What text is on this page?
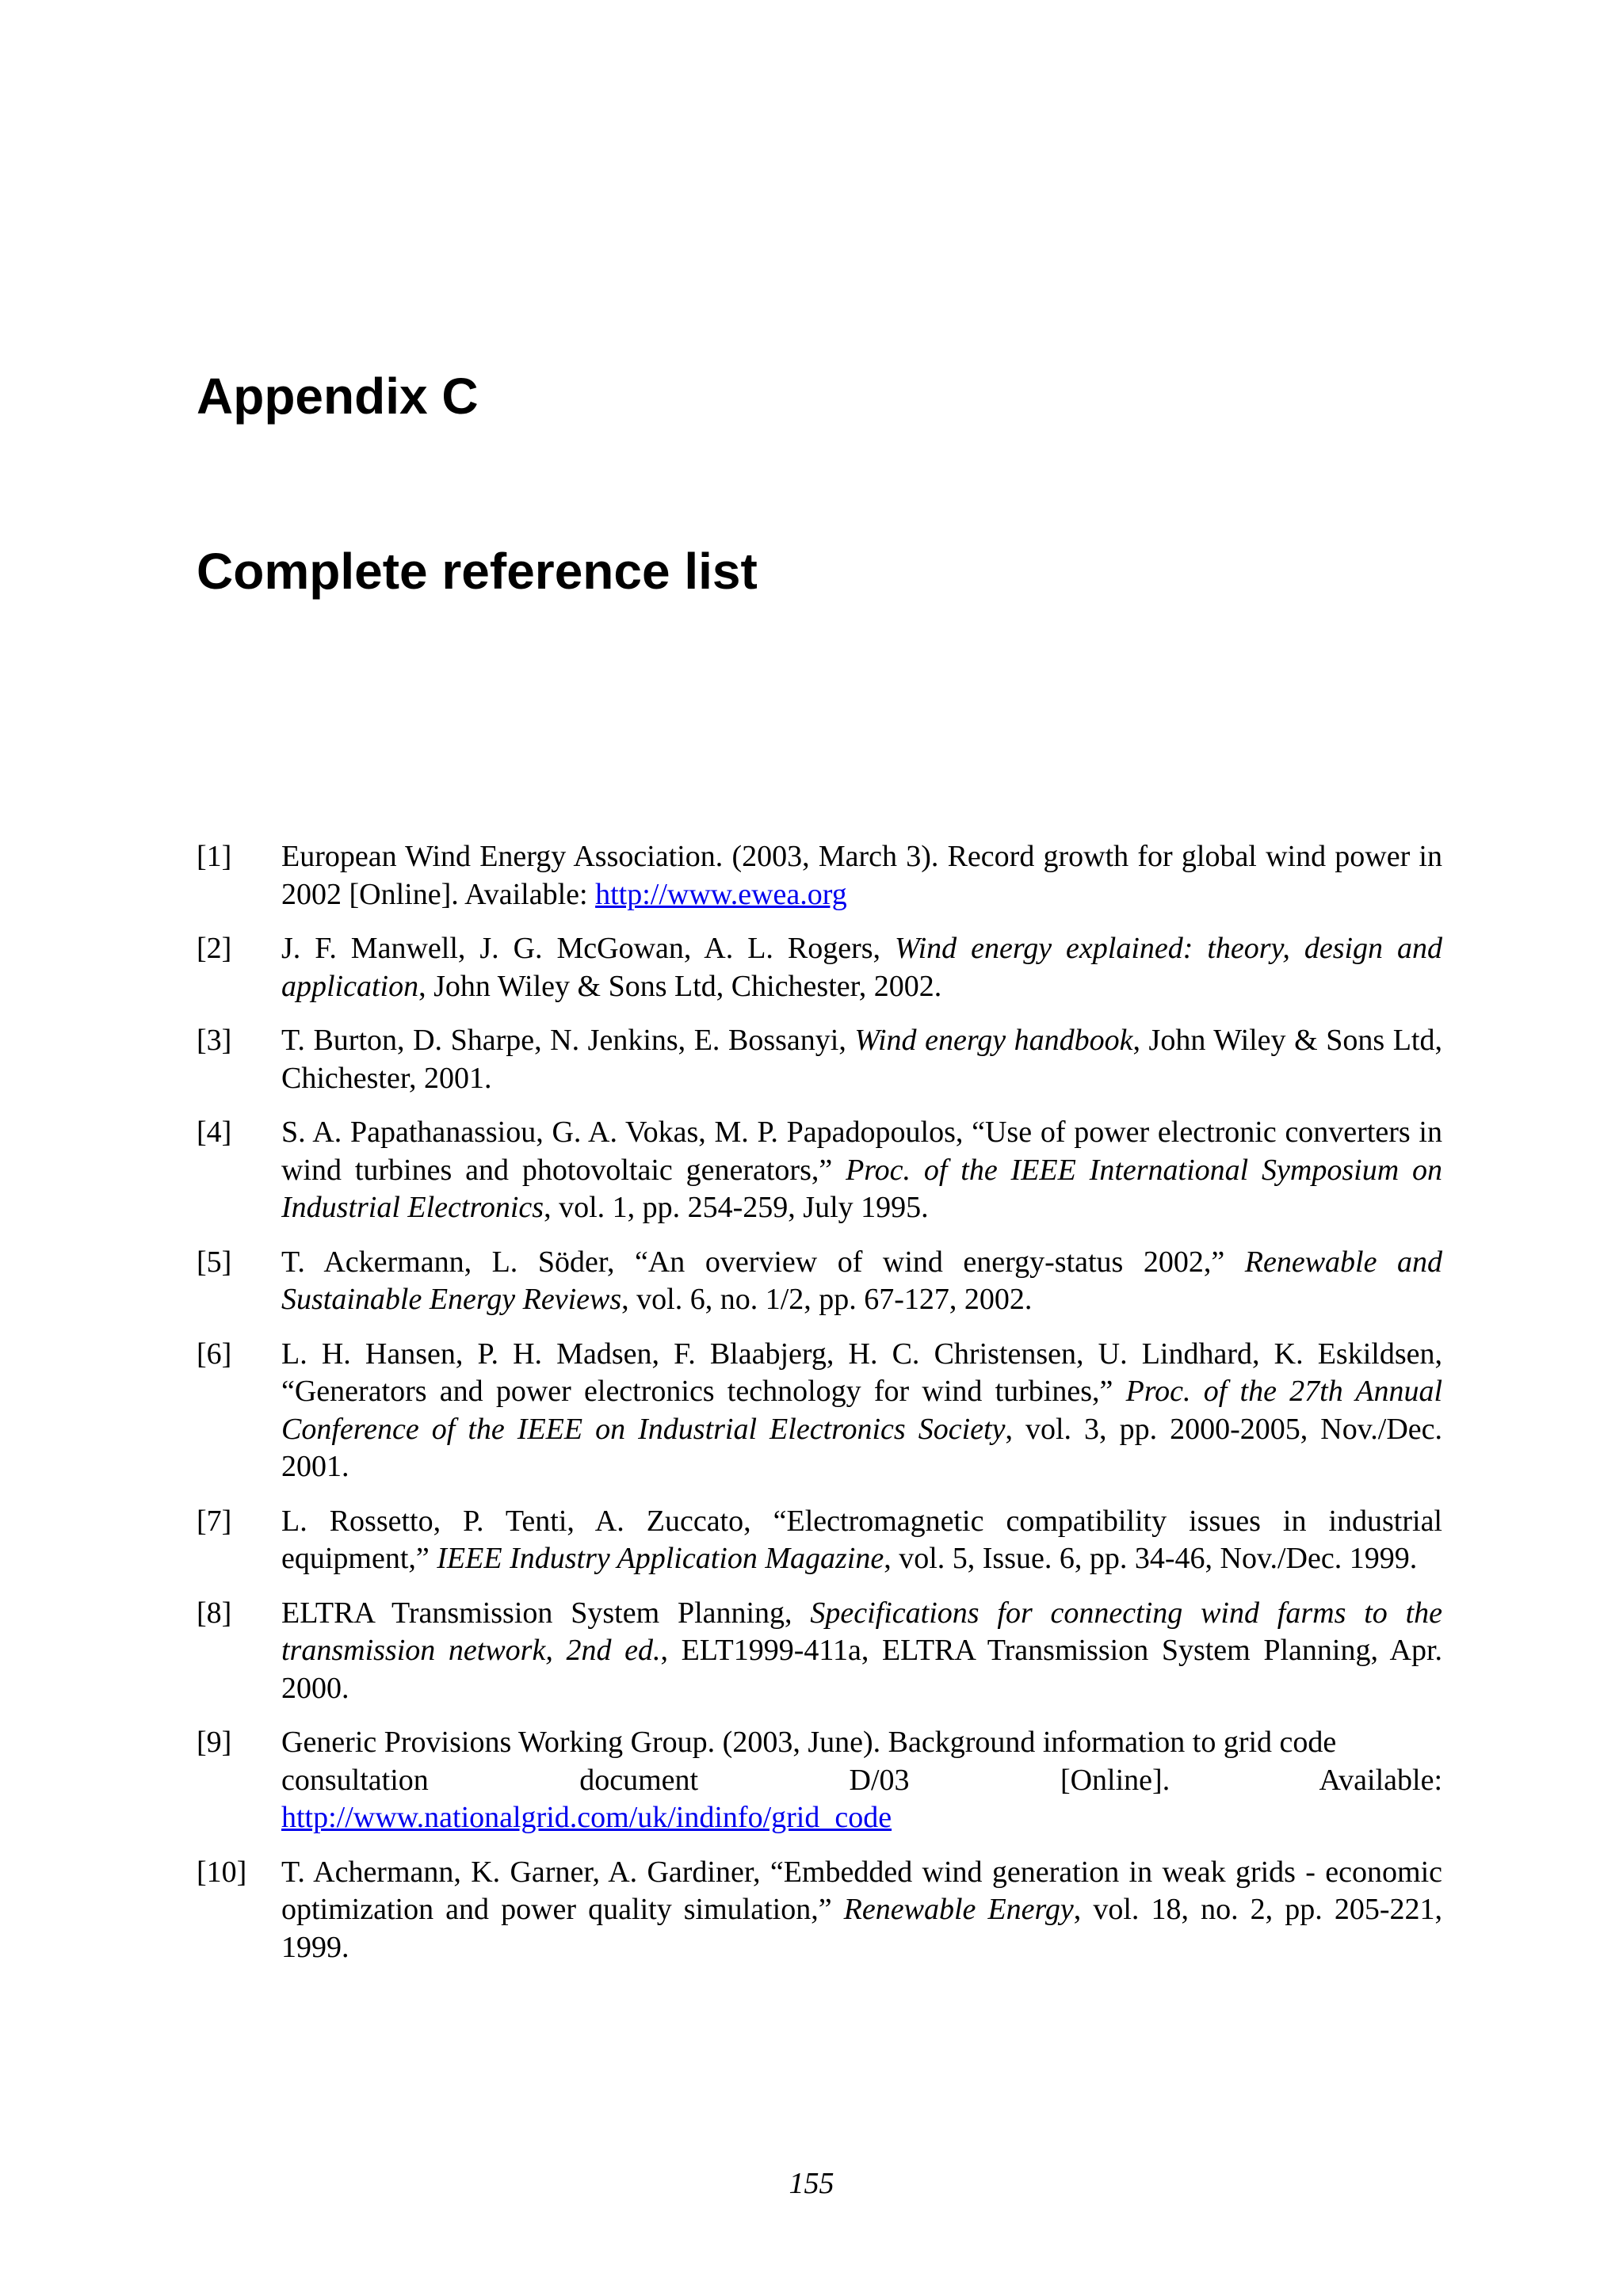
Appendix C
Complete reference list
[1] European Wind Energy Association. (2003, March 3). Record growth for global wind power in 2002 [Online]. Available: http://www.ewea.org
[2] J. F. Manwell, J. G. McGowan, A. L. Rogers, Wind energy explained: theory, design and application, John Wiley & Sons Ltd, Chichester, 2002.
[3] T. Burton, D. Sharpe, N. Jenkins, E. Bossanyi, Wind energy handbook, John Wiley & Sons Ltd, Chichester, 2001.
[4] S. A. Papathanassiou, G. A. Vokas, M. P. Papadopoulos, “Use of power electronic converters in wind turbines and photovoltaic generators,” Proc. of the IEEE International Symposium on Industrial Electronics, vol. 1, pp. 254-259, July 1995.
[5] T. Ackermann, L. Söder, “An overview of wind energy-status 2002,” Renewable and Sustainable Energy Reviews, vol. 6, no. 1/2, pp. 67-127, 2002.
[6] L. H. Hansen, P. H. Madsen, F. Blaabjerg, H. C. Christensen, U. Lindhard, K. Eskildsen, “Generators and power electronics technology for wind turbines,” Proc. of the 27th Annual Conference of the IEEE on Industrial Electronics Society, vol. 3, pp. 2000-2005, Nov./Dec. 2001.
[7] L. Rossetto, P. Tenti, A. Zuccato, “Electromagnetic compatibility issues in industrial equipment,” IEEE Industry Application Magazine, vol. 5, Issue. 6, pp. 34-46, Nov./Dec. 1999.
[8] ELTRA Transmission System Planning, Specifications for connecting wind farms to the transmission network, 2nd ed., ELT1999-411a, ELTRA Transmission System Planning, Apr. 2000.
[9] Generic Provisions Working Group. (2003, June). Background information to grid code
consultation document D/03 [Online]. Available:
http://www.nationalgrid.com/uk/indinfo/grid_code
[10] T. Achermann, K. Garner, A. Gardiner, “Embedded wind generation in weak grids - economic optimization and power quality simulation,” Renewable Energy, vol. 18, no. 2, pp. 205-221, 1999.
155
